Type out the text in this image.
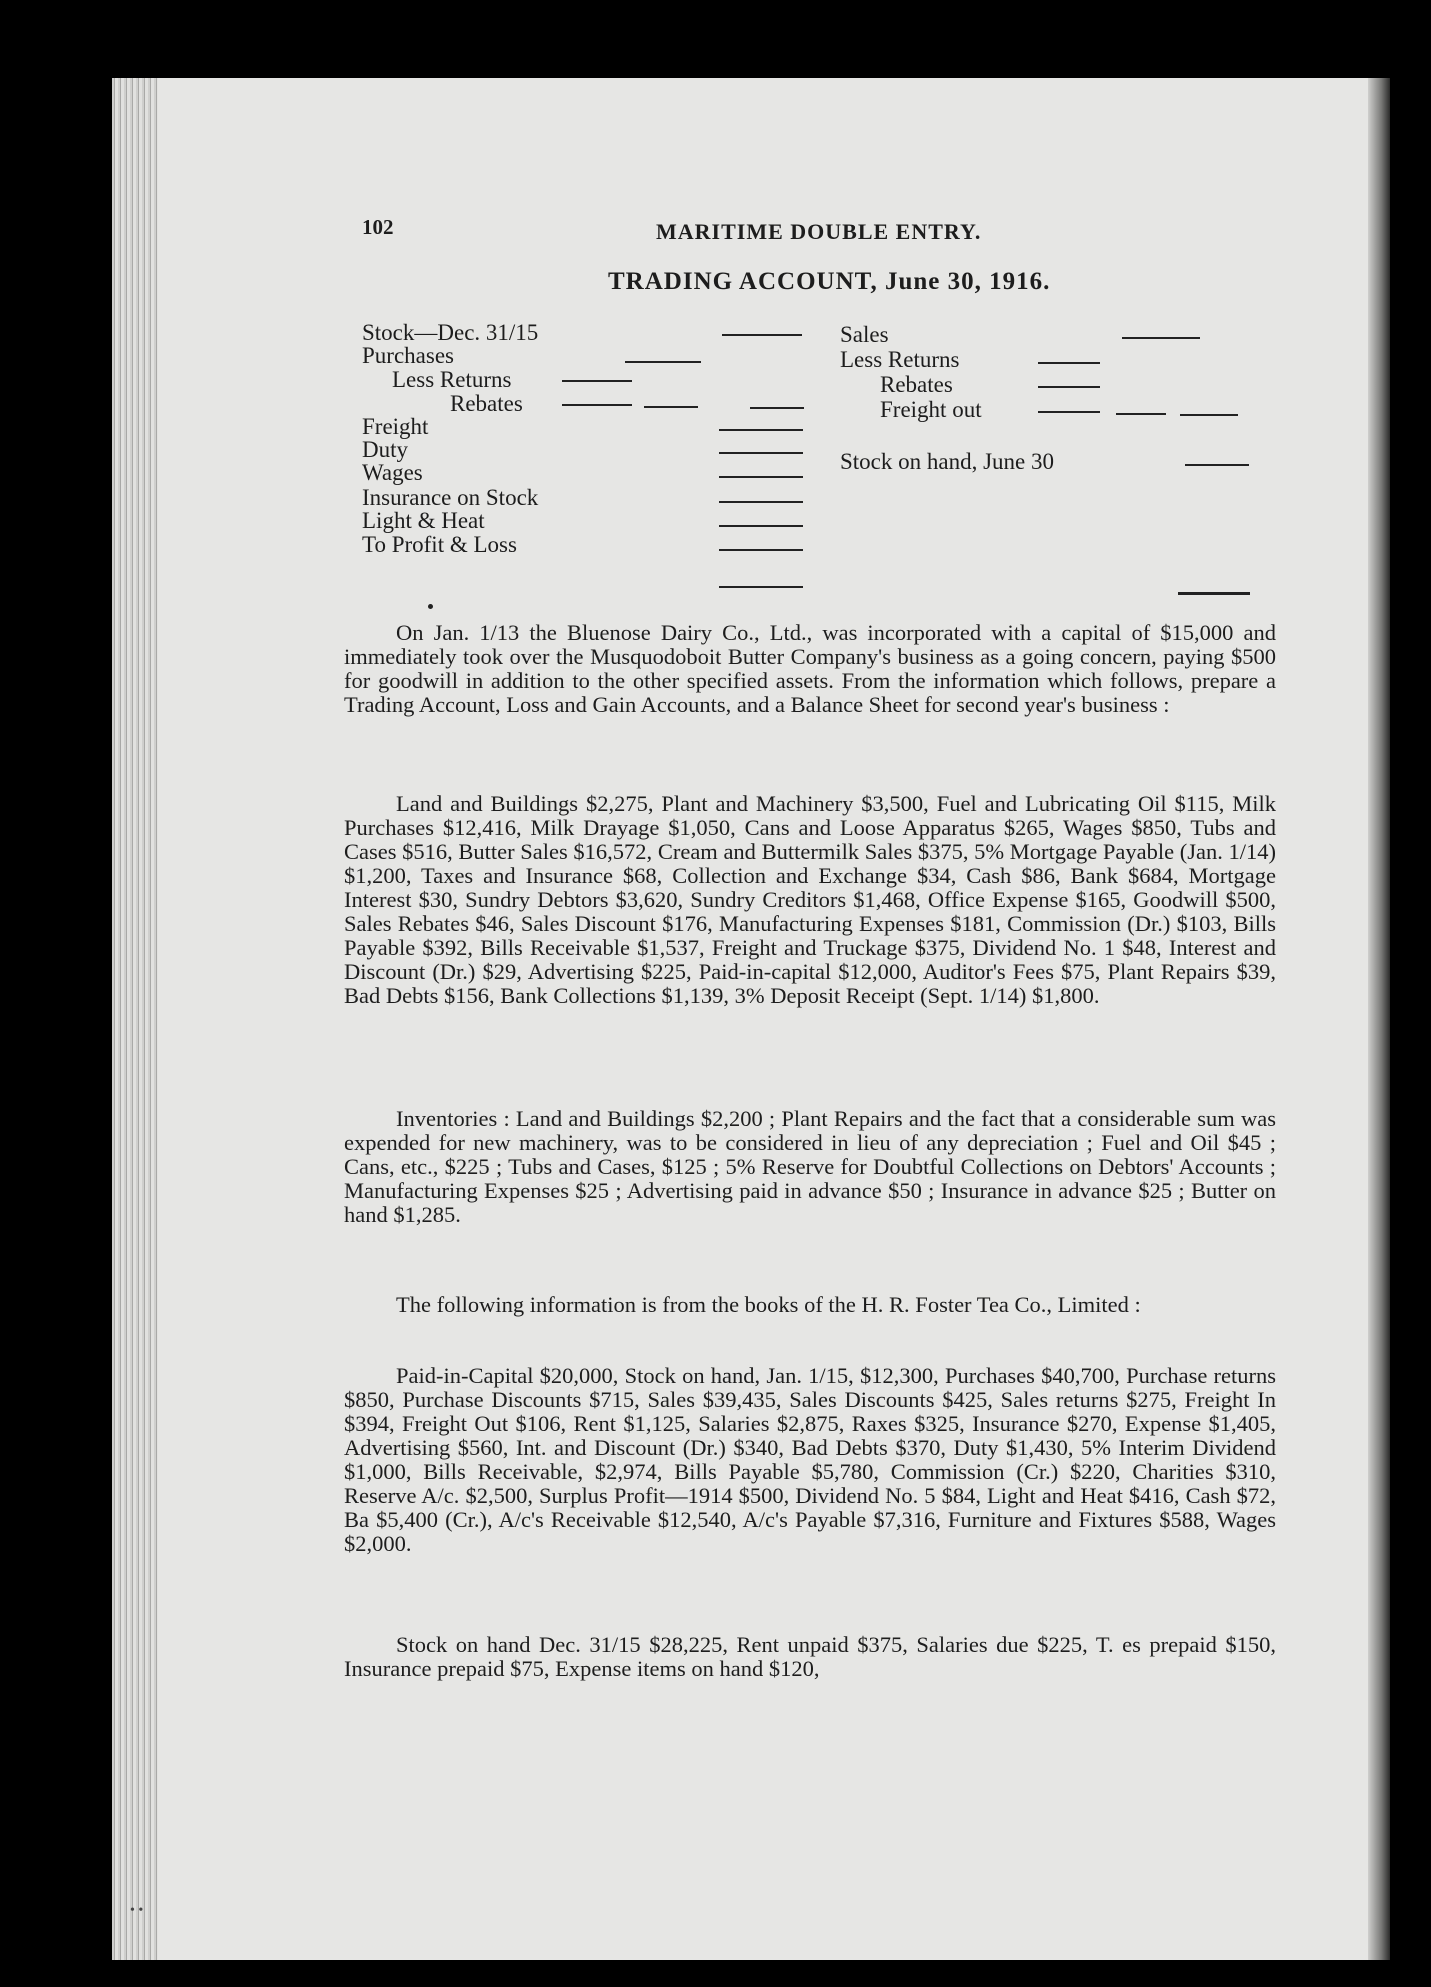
102	MARITIME DOUBLE ENTRY.
TRADING ACCOUNT, June 30, 1916.
Stock—Dec. 31/15
Purchases
Less Returns
Rebates
Freight
Duty
Wages
Insurance on Stock
Light & Heat
To Profit & Loss
Sales
Less Returns
Rebates
Freight out
Stock on hand, June 30

On Jan. 1/13 the Bluenose Dairy Co., Ltd., was incorporated with a capital of $15,000 and immediately took over the Musquodoboit Butter Company's business as a going concern, paying $500 for goodwill in addition to the other specified assets. From the information which follows, prepare a Trading Account, Loss and Gain Accounts, and a Balance Sheet for second year's business :

Land and Buildings $2,275, Plant and Machinery $3,500, Fuel and Lubricating Oil $115, Milk Purchases $12,416, Milk Drayage $1,050, Cans and Loose Apparatus $265, Wages $850, Tubs and Cases $516, Butter Sales $16,572, Cream and Buttermilk Sales $375, 5% Mortgage Payable (Jan. 1/14) $1,200, Taxes and Insurance $68, Collection and Exchange $34, Cash $86, Bank $684, Mortgage Interest $30, Sundry Debtors $3,620, Sundry Creditors $1,468, Office Expense $165, Goodwill $500, Sales Rebates $46, Sales Discount $176, Manufacturing Expenses $181, Commission (Dr.) $103, Bills Payable $392, Bills Receivable $1,537, Freight and Truckage $375, Dividend No. 1 $48, Interest and Discount (Dr.) $29, Advertising $225, Paid-in-capital $12,000, Auditor's Fees $75, Plant Repairs $39, Bad Debts $156, Bank Collections $1,139, 3% Deposit Receipt (Sept. 1/14) $1,800.

Inventories : Land and Buildings $2,200 ; Plant Repairs and the fact that a considerable sum was expended for new machinery, was to be considered in lieu of any depreciation ; Fuel and Oil $45 ; Cans, etc., $225 ; Tubs and Cases, $125 ; 5% Reserve for Doubtful Collections on Debtors' Accounts ; Manufacturing Expenses $25 ; Advertising paid in advance $50 ; Insurance in advance $25 ; Butter on hand $1,285.

The following information is from the books of the H. R. Foster Tea Co., Limited :

Paid-in-Capital $20,000, Stock on hand, Jan. 1/15, $12,300, Purchases $40,700, Purchase returns $850, Purchase Discounts $715, Sales $39,435, Sales Discounts $425, Sales returns $275, Freight In $394, Freight Out $106, Rent $1,125, Salaries $2,875, Raxes $325, Insurance $270, Expense $1,405, Advertising $560, Int. and Discount (Dr.) $340, Bad Debts $370, Duty $1,430, 5% Interim Dividend $1,000, Bills Receivable, $2,974, Bills Payable $5,780, Commission (Cr.) $220, Charities $310, Reserve A/c. $2,500, Surplus Profit—1914 $500, Dividend No. 5 $84, Light and Heat $416, Cash $72, Ba $5,400 (Cr.), A/c's Receivable $12,540, A/c's Payable $7,316, Furniture and Fixtures $588, Wages $2,000.

Stock on hand Dec. 31/15 $28,225, Rent unpaid $375, Salaries due $225, T. es prepaid $150, Insurance prepaid $75, Expense items on hand $120,

• •
